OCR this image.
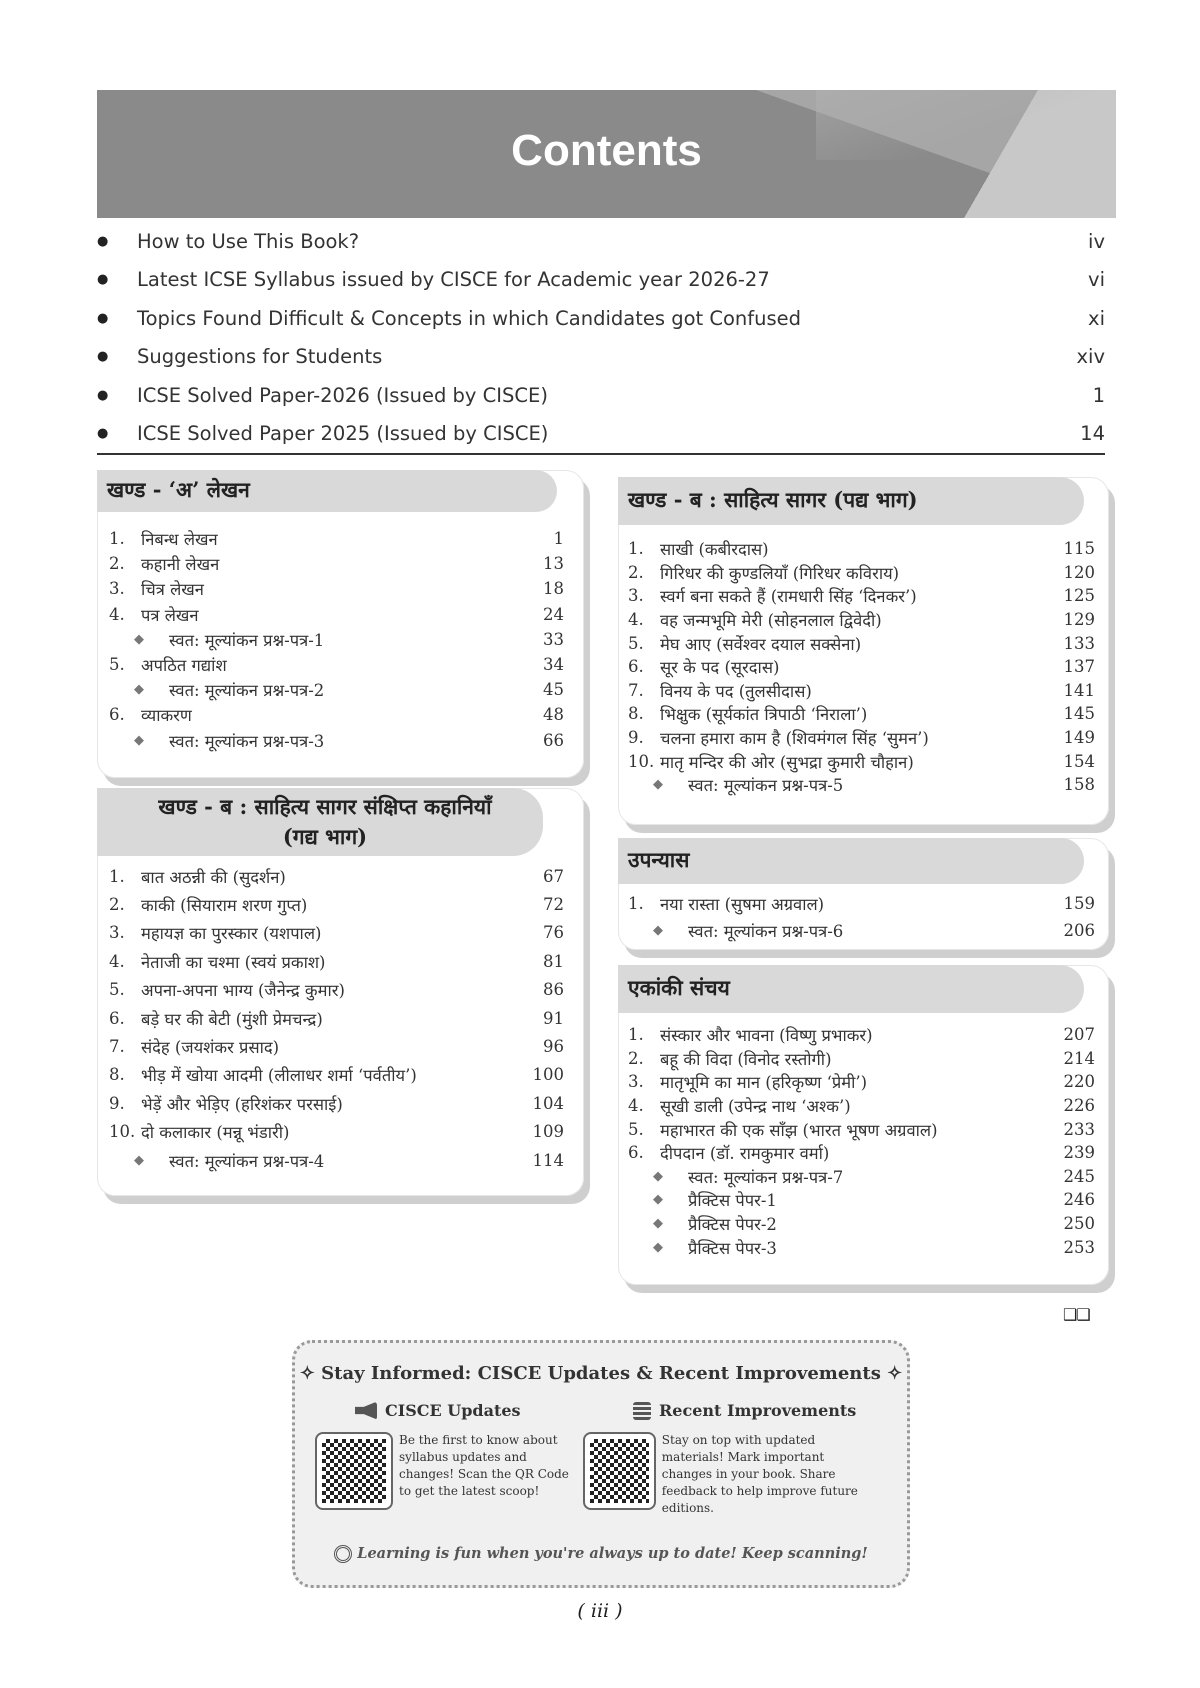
Contents
●	How to Use This Book?	iv
●	Latest ICSE Syllabus issued by CISCE for Academic year 2026-27	vi
●	Topics Found Difficult & Concepts in which Candidates got Confused	xi
●	Suggestions for Students	xiv
●	ICSE Solved Paper-2026 (Issued by CISCE)	1
●	ICSE Solved Paper 2025 (Issued by CISCE)	14
खण्ड - ‘अ’ लेखन
1. निबन्ध लेखन	1
2. कहानी लेखन	13
3. चित्र लेखन	18
4. पत्र लेखन	24
◆	स्वत: मूल्यांकन प्रश्न-पत्र-1	33
5. अपठित गद्यांश	34
◆	स्वत: मूल्यांकन प्रश्न-पत्र-2	45
6. व्याकरण	48
◆	स्वत: मूल्यांकन प्रश्न-पत्र-3	66
खण्ड - ब : साहित्य सागर संक्षिप्त कहानियाँ
(गद्य भाग)
1. बात अठन्नी की (सुदर्शन)	67
2. काकी (सियाराम शरण गुप्त)	72
3. महायज्ञ का पुरस्कार (यशपाल)	76
4. नेताजी का चश्मा (स्वयं प्रकाश)	81
5. अपना-अपना भाग्य (जैनेन्द्र कुमार)	86
6. बड़े घर की बेटी (मुंशी प्रेमचन्द्र)	91
7. संदेह (जयशंकर प्रसाद)	96
8. भीड़ में खोया आदमी (लीलाधर शर्मा ‘पर्वतीय’)	100
9. भेड़ें और भेड़िए (हरिशंकर परसाई)	104
10. दो कलाकार (मन्नू भंडारी)	109
◆	स्वत: मूल्यांकन प्रश्न-पत्र-4	114
खण्ड - ब : साहित्य सागर (पद्य भाग)
1. साखी (कबीरदास)	115
2. गिरिधर की कुण्डलियाँ (गिरिधर कविराय)	120
3. स्वर्ग बना सकते हैं (रामधारी सिंह ‘दिनकर’)	125
4. वह जन्मभूमि मेरी (सोहनलाल द्विवेदी)	129
5. मेघ आए (सर्वेश्वर दयाल सक्सेना)	133
6. सूर के पद (सूरदास)	137
7. विनय के पद (तुलसीदास)	141
8. भिक्षुक (सूर्यकांत त्रिपाठी ‘निराला’)	145
9. चलना हमारा काम है (शिवमंगल सिंह ‘सुमन’)	149
10. मातृ मन्दिर की ओर (सुभद्रा कुमारी चौहान)	154
◆	स्वत: मूल्यांकन प्रश्न-पत्र-5	158
उपन्यास
1. नया रास्ता (सुषमा अग्रवाल)	159
◆	स्वत: मूल्यांकन प्रश्न-पत्र-6	206
एकांकी संचय
1. संस्कार और भावना (विष्णु प्रभाकर)	207
2. बहू की विदा (विनोद रस्तोगी)	214
3. मातृभूमि का मान (हरिकृष्ण ‘प्रेमी’)	220
4. सूखी डाली (उपेन्द्र नाथ ‘अश्क’)	226
5. महाभारत की एक साँझ (भारत भूषण अग्रवाल)	233
6. दीपदान (डॉ. रामकुमार वर्मा)	239
◆	स्वत: मूल्यांकन प्रश्न-पत्र-7	245
◆	प्रैक्टिस पेपर-1	246
◆	प्रैक्टिस पेपर-2	250
◆	प्रैक्टिस पेपर-3	253
❑❑
✧ Stay Informed: CISCE Updates & Recent Improvements ✧
CISCE Updates
Be the first to know about syllabus updates and changes! Scan the QR Code to get the latest scoop!
Recent Improvements
Stay on top with updated materials! Mark important changes in your book. Share feedback to help improve future editions.
Learning is fun when you're always up to date! Keep scanning!
( iii )
